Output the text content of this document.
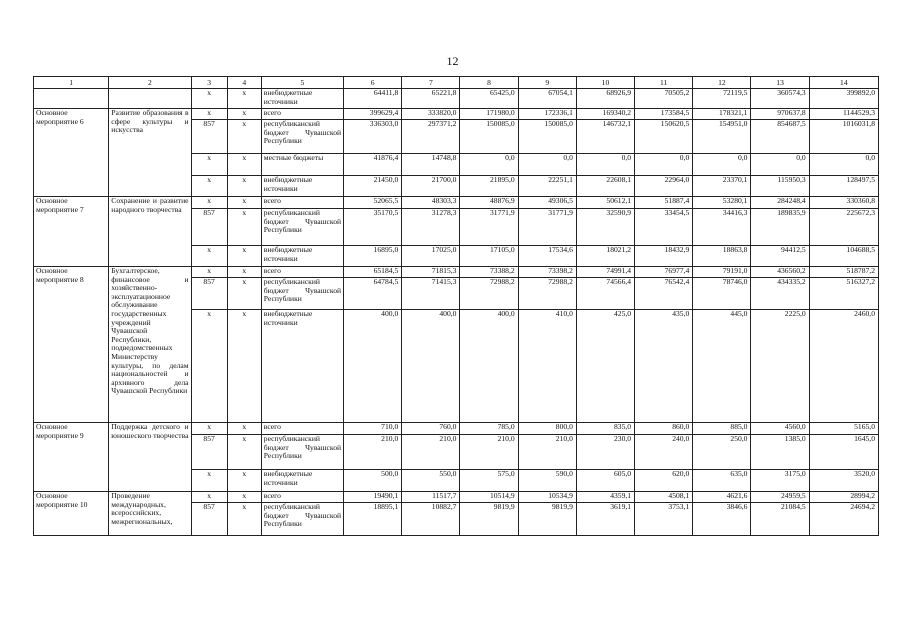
12
1	2	3	4	5	6	7	8	9	10	11	12	13	14
		x	x	внебюджетные источники	64411,8	65221,8	65425,0	67054,1	68926,9	70505,2	72119,5	360574,3	399892,0
Основное мероприятие 6	Развитие образования в сфере культуры и искусства	x	x	всего	399629,4	333820,0	171980,0	172336,1	169340,2	173584,5	178321,1	970637,8	1144529,3
		857	x	республиканский бюджет Чувашской Республики	336303,0	297371,2	150085,0	150085,0	146732,1	150620,5	154951,0	854687,5	1016031,8
		x	x	местные бюджеты	41876,4	14748,8	0,0	0,0	0,0	0,0	0,0	0,0	0,0
		x	x	внебюджетные источники	21450,0	21700,0	21895,0	22251,1	22608,1	22964,0	23370,1	115950,3	128497,5
Основное мероприятие 7	Сохранение и развитие народного творчества	x	x	всего	52065,5	48303,3	48876,9	49306,5	50612,1	51887,4	53280,1	284248,4	330360,8
		857	x	республиканский бюджет Чувашской Республики	35170,5	31278,3	31771,9	31771,9	32590,9	33454,5	34416,3	189835,9	225672,3
		x	x	внебюджетные источники	16895,0	17025,0	17105,0	17534,6	18021,2	18432,9	18863,8	94412,5	104688,5
Основное мероприятие 8	Бухгалтерское, финансовое и хозяйственно-эксплуатационное обслуживание государственных учреждений Чувашской Республики, подведомственных Министерству культуры, по делам национальностей и архивного дела Чувашской Республики	x	x	всего	65184,5	71815,3	73388,2	73398,2	74991,4	76977,4	79191,0	436560,2	518787,2
		857	x	республиканский бюджет Чувашской Республики	64784,5	71415,3	72988,2	72988,2	74566,4	76542,4	78746,0	434335,2	516327,2
		x	x	внебюджетные источники	400,0	400,0	400,0	410,0	425,0	435,0	445,0	2225,0	2460,0
Основное мероприятие 9	Поддержка детского и юношеского творчества	x	x	всего	710,0	760,0	785,0	800,0	835,0	860,0	885,0	4560,0	5165,0
		857	x	республиканский бюджет Чувашской Республики	210,0	210,0	210,0	210,0	230,0	240,0	250,0	1385,0	1645,0
		x	x	внебюджетные источники	500,0	550,0	575,0	590,0	605,0	620,0	635,0	3175,0	3520,0
Основное мероприятие 10	Проведение международных, всероссийских, межрегиональных,	x	x	всего	19490,1	11517,7	10514,9	10534,9	4359,1	4508,1	4621,6	24959,5	28994,2
		857	x	республиканский бюджет Чувашской Республики	18895,1	10882,7	9819,9	9819,9	3619,1	3753,1	3846,6	21084,5	24694,2
